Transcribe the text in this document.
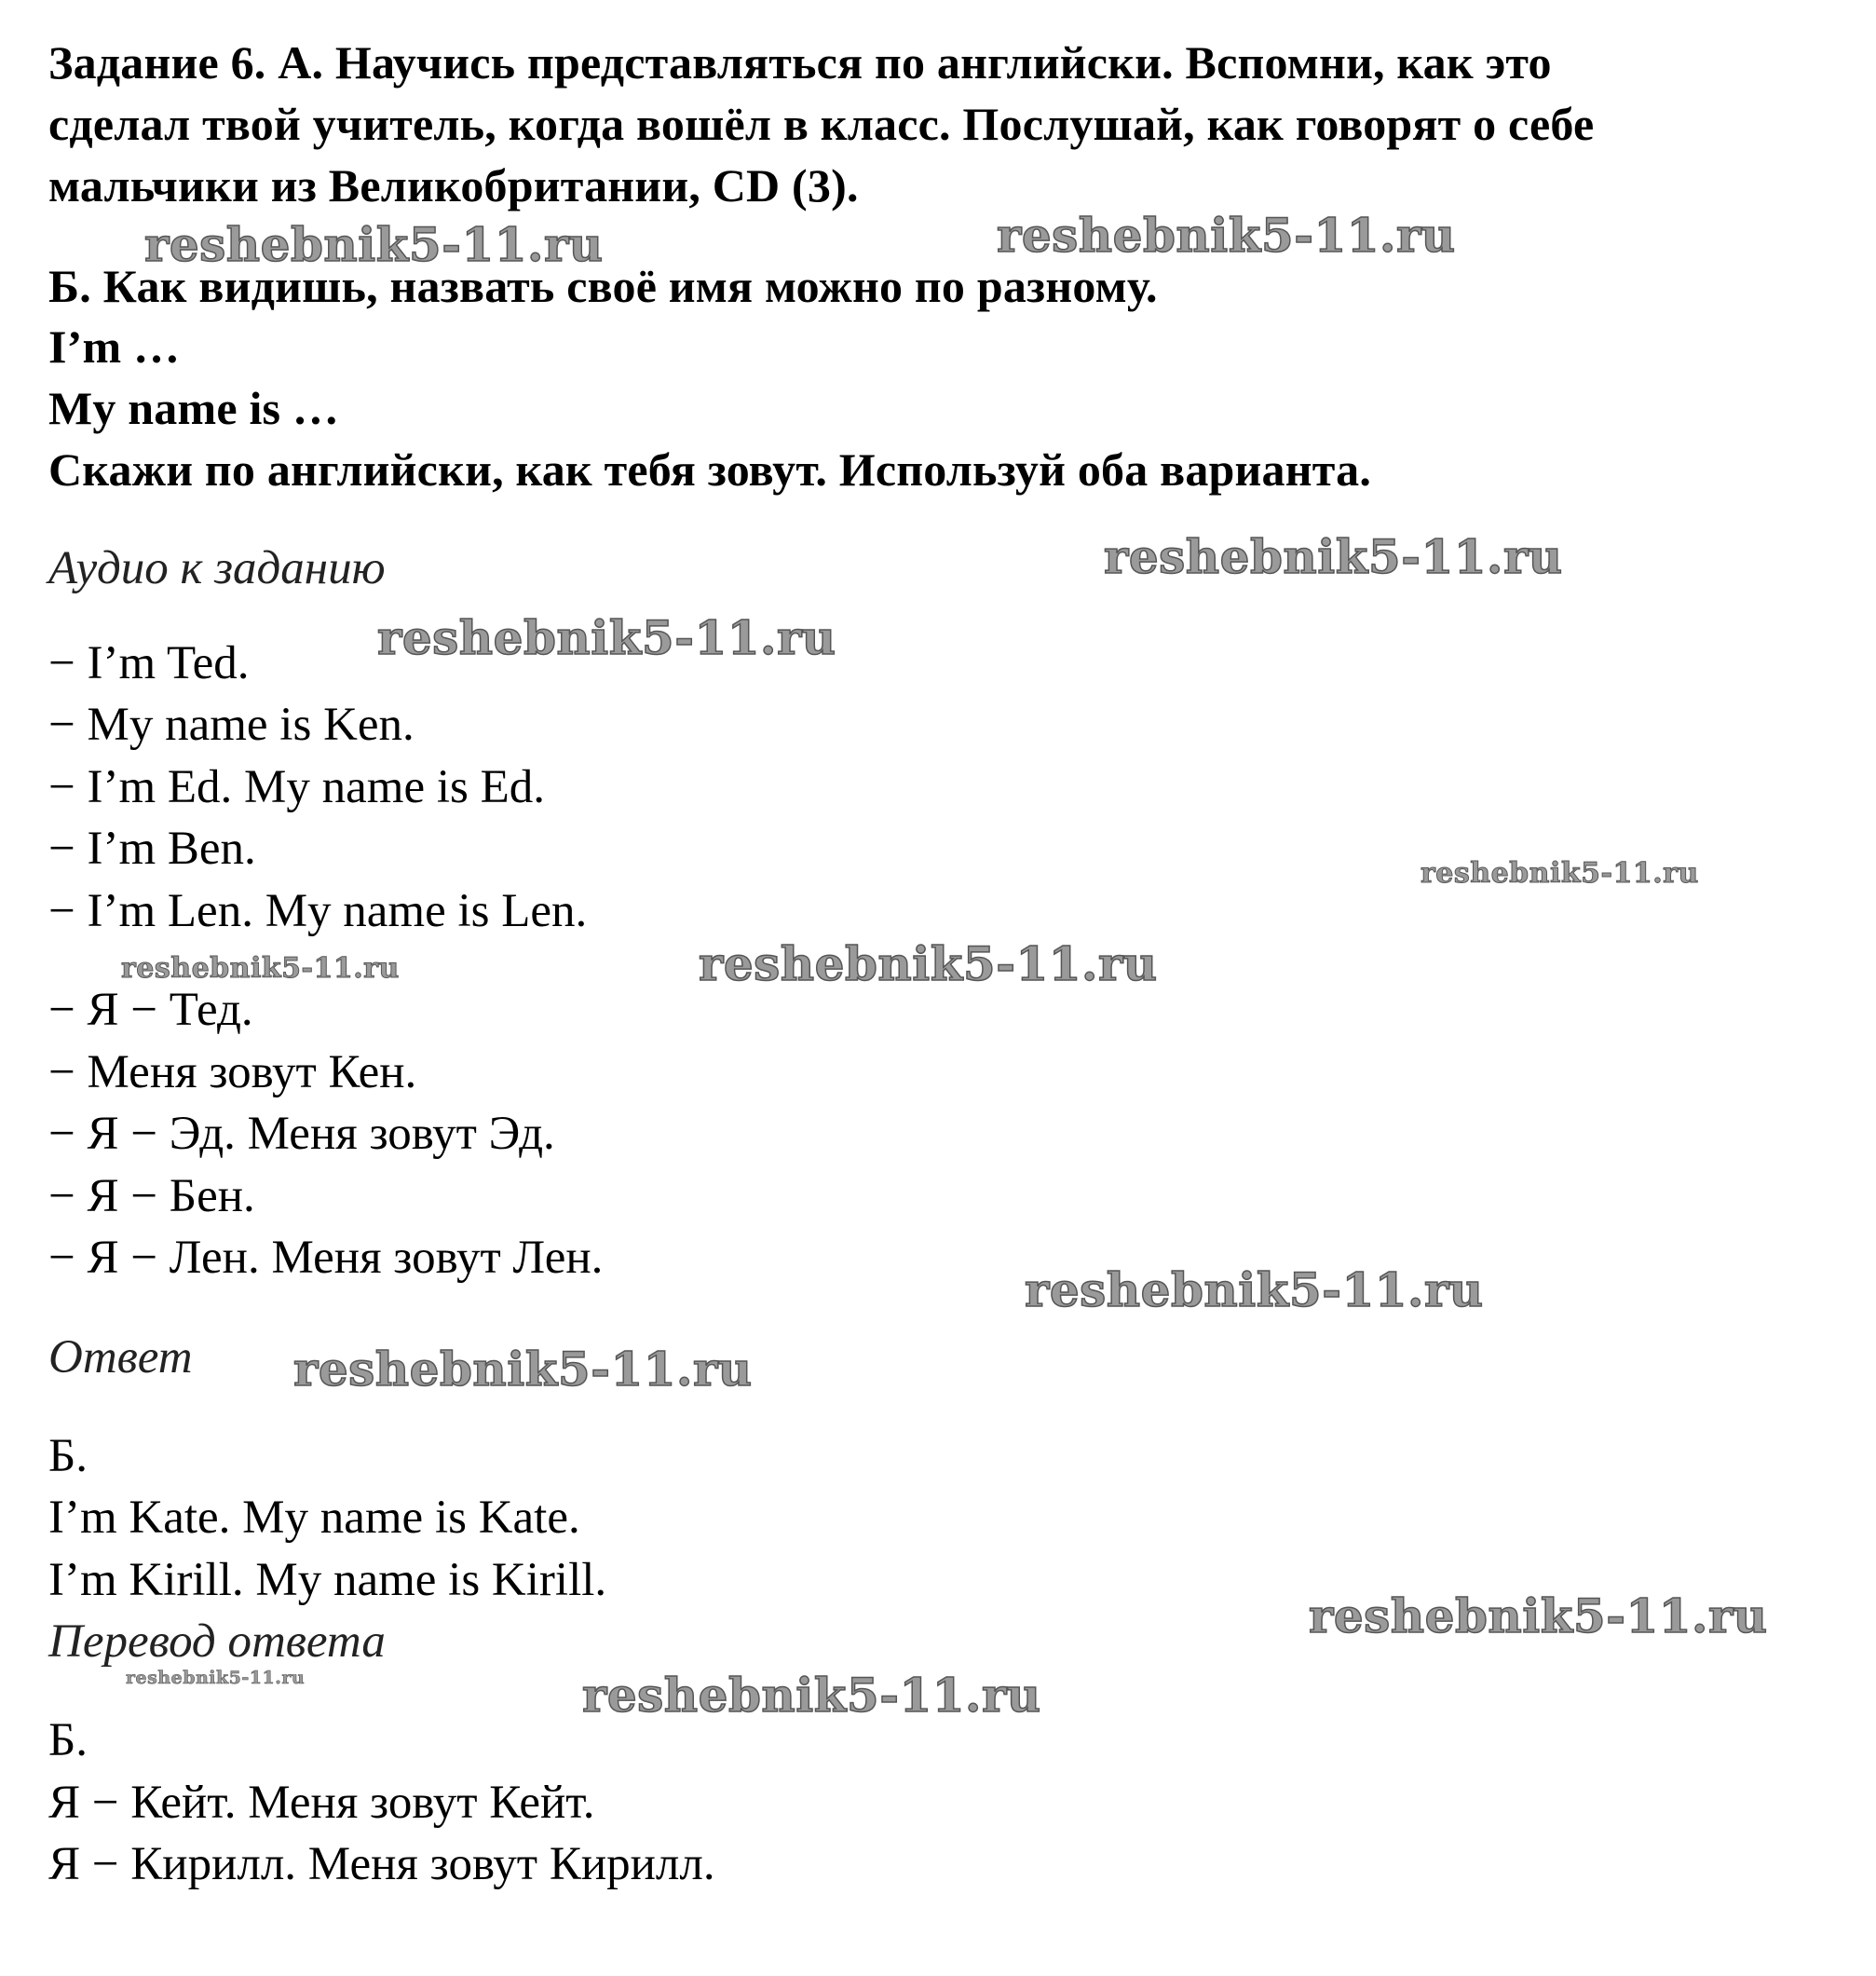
Задание 6. А. Научись представляться по английски. Вспомни, как это

сделал твой учитель, когда вошёл в класс. Послушай, как говорят о себе

мальчики из Великобритании, CD (3).

Б. Как видишь, назвать своё имя можно по разному.

I’m …

My name is …

Скажи по английски, как тебя зовут. Используй оба варианта.

Аудио к заданию

− I’m Ted.

− My name is Ken.

− I’m Ed. My name is Ed.

− I’m Ben.

− I’m Len. My name is Len.

− Я − Тед.

− Меня зовут Кен.

− Я − Эд. Меня зовут Эд.

− Я − Бен.

− Я − Лен. Меня зовут Лен.

Ответ

Б.

I’m Kate. My name is Kate.

I’m Kirill. My name is Kirill.

Перевод ответа

Б.

Я − Кейт. Меня зовут Кейт.

Я − Кирилл. Меня зовут Кирилл.

reshebnik5-11.ru	reshebnik5-11.ru
reshebnik5-11.ru
reshebnik5-11.ru
reshebnik5-11.ru
reshebnik5-11.ru	reshebnik5-11.ru
reshebnik5-11.ru
reshebnik5-11.ru
reshebnik5-11.ru
reshebnik5-11.ru	reshebnik5-11.ru
